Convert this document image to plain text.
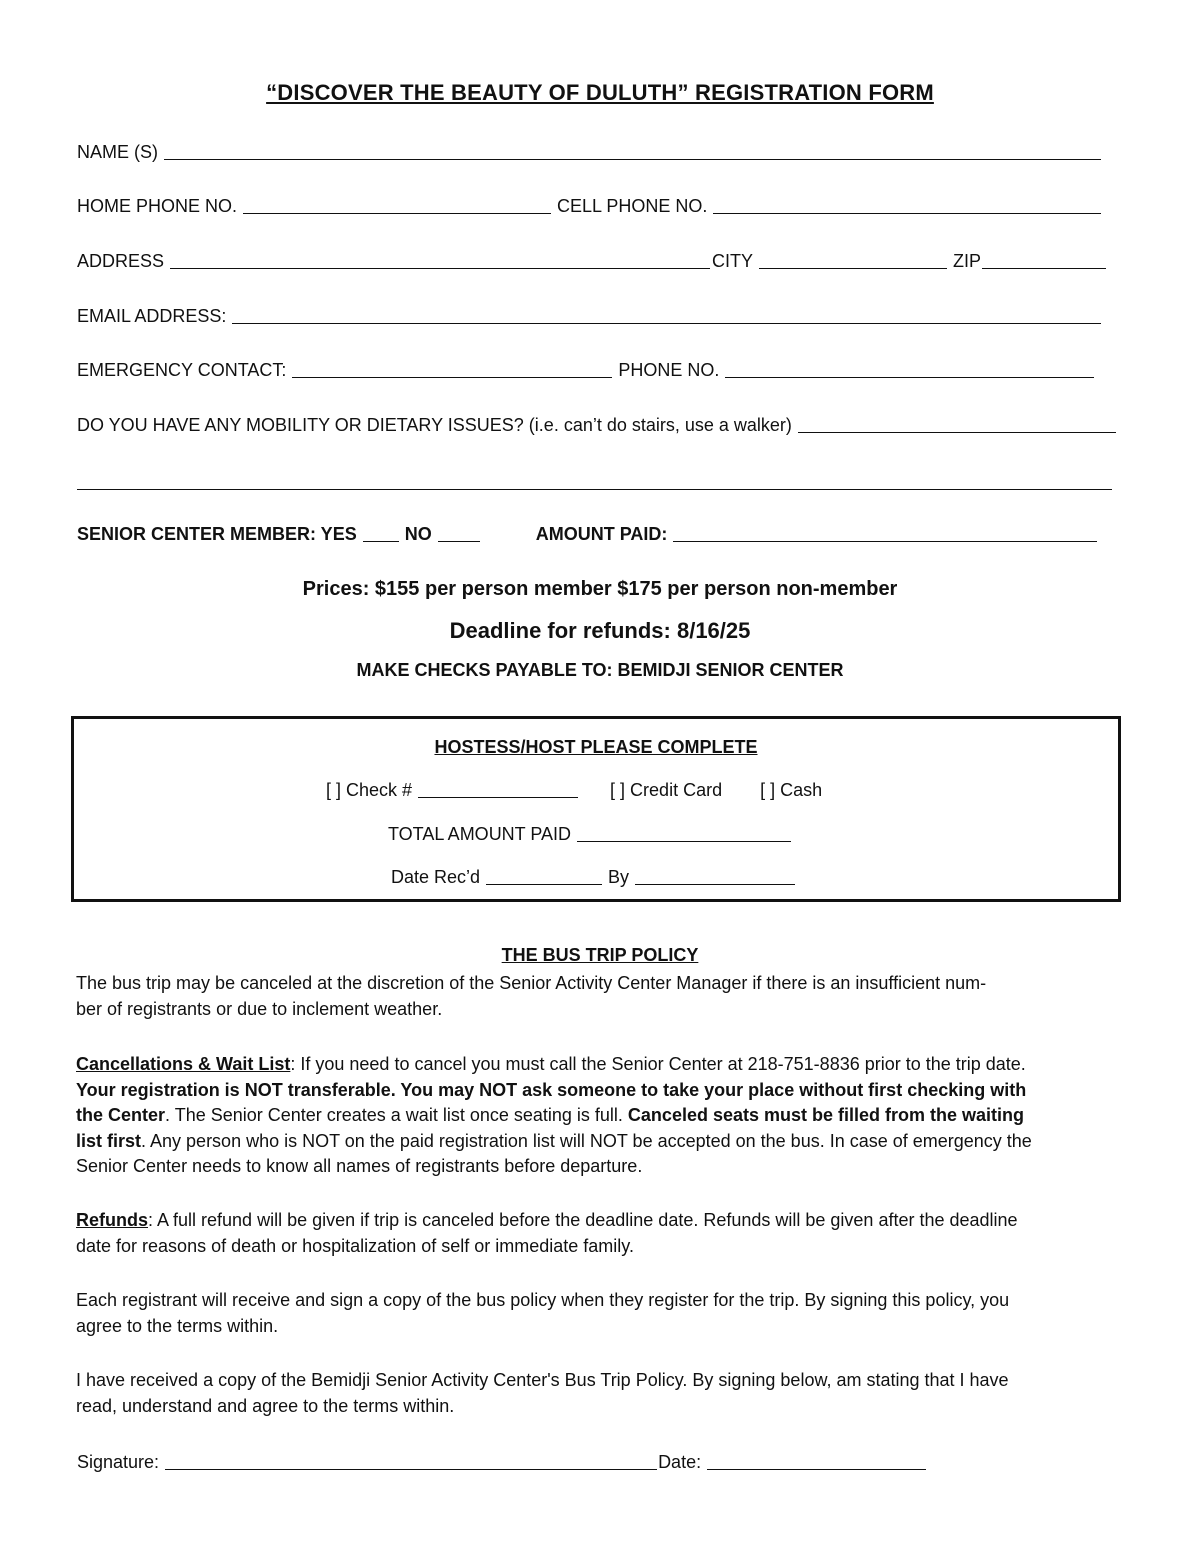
“DISCOVER THE BEAUTY OF DULUTH” REGISTRATION FORM
NAME (S)
HOME PHONE NO.	CELL PHONE NO.
ADDRESS	CITY	ZIP
EMAIL ADDRESS:
EMERGENCY CONTACT:	PHONE NO.
DO YOU HAVE ANY MOBILITY OR DIETARY ISSUES? (i.e. can’t do stairs, use a walker)
SENIOR CENTER MEMBER: YES	NO	AMOUNT PAID:
Prices: $155 per person member $175 per person non-member
Deadline for refunds: 8/16/25
MAKE CHECKS PAYABLE TO: BEMIDJI SENIOR CENTER
HOSTESS/HOST PLEASE COMPLETE
[ ] Check #	[ ] Credit Card [ ] Cash
TOTAL AMOUNT PAID
Date Rec’d	By
THE BUS TRIP POLICY
The bus trip may be canceled at the discretion of the Senior Activity Center Manager if there is an insufficient num-
ber of registrants or due to inclement weather.
Cancellations & Wait List: If you need to cancel you must call the Senior Center at 218-751-8836 prior to the trip date.
Your registration is NOT transferable. You may NOT ask someone to take your place without first checking with
the Center. The Senior Center creates a wait list once seating is full. Canceled seats must be filled from the waiting
list first. Any person who is NOT on the paid registration list will NOT be accepted on the bus. In case of emergency the
Senior Center needs to know all names of registrants before departure.
Refunds: A full refund will be given if trip is canceled before the deadline date. Refunds will be given after the deadline
date for reasons of death or hospitalization of self or immediate family.
Each registrant will receive and sign a copy of the bus policy when they register for the trip. By signing this policy, you
agree to the terms within.
I have received a copy of the Bemidji Senior Activity Center's Bus Trip Policy. By signing below, am stating that I have
read, understand and agree to the terms within.
Signature:	Date:
